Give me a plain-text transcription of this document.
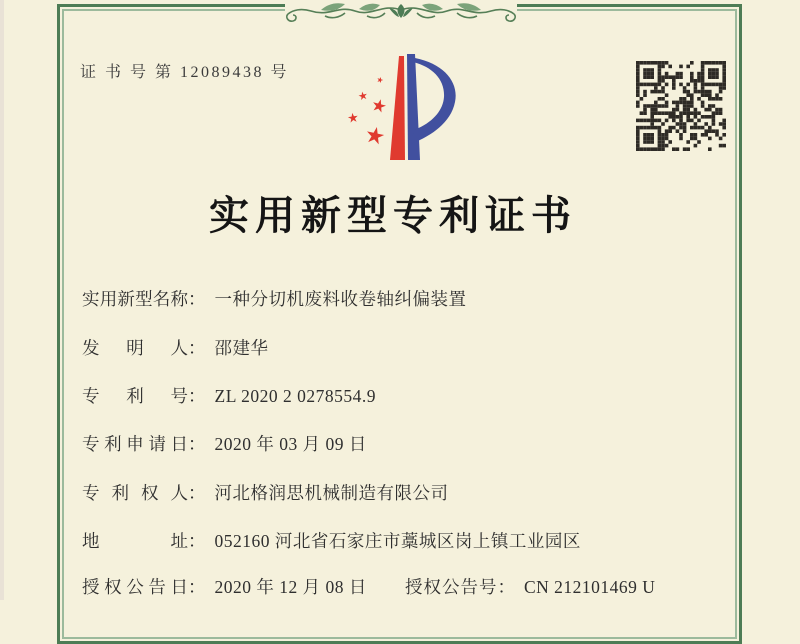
证 书 号 第 12089438 号
实用新型专利证书
实用新型名称： 一种分切机废料收卷轴纠偏装置
发 明 人： 邵建华
专 利 号： ZL 2020 2 0278554.9
专利申请日： 2020 年 03 月 09 日
专 利 权 人： 河北格润思机械制造有限公司
地 址： 052160 河北省石家庄市藁城区岗上镇工业园区
授权公告日： 2020 年 12 月 08 日 授权公告号： CN 212101469 U
